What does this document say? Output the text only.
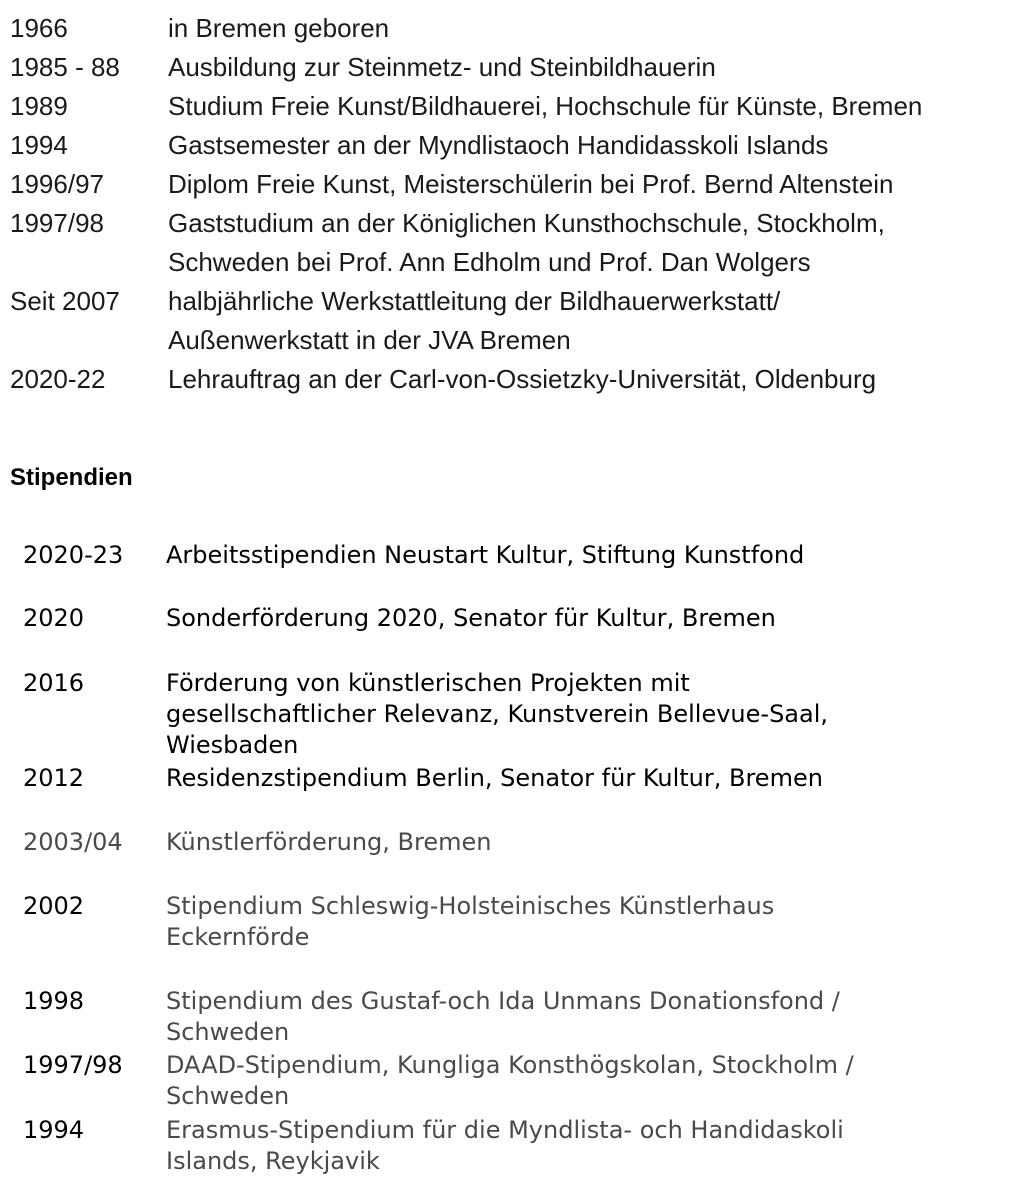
1966	in Bremen geboren
1985 - 88 Ausbildung zur Steinmetz- und Steinbildhauerin
1989	Studium Freie Kunst/Bildhauerei, Hochschule für Künste, Bremen
1994	Gastsemester an der Myndlistaoch Handidasskoli Islands
1996/97 Diplom Freie Kunst, Meisterschülerin bei Prof. Bernd Altenstein
1997/98 Gaststudium an der Königlichen Kunsthochschule, Stockholm,
Schweden bei Prof. Ann Edholm und Prof. Dan Wolgers
Seit 2007 halbjährliche Werkstattleitung der Bildhauerwerkstatt/
Außenwerkstatt in der JVA Bremen
2020-22 Lehrauftrag an der Carl-von-Ossietzky-Universität, Oldenburg
Stipendien
2020-23 Arbeitsstipendien Neustart Kultur, Stiftung Kunstfond
2020	Sonderförderung 2020, Senator für Kultur, Bremen
2016	Förderung von künstlerischen Projekten mit
gesellschaftlicher Relevanz, Kunstverein Bellevue-Saal,
Wiesbaden
2012	Residenzstipendium Berlin, Senator für Kultur, Bremen
2003/04 Künstlerförderung, Bremen
2002	Stipendium Schleswig-Holsteinisches Künstlerhaus
Eckernförde
1998	Stipendium des Gustaf-och Ida Unmans Donationsfond /
Schweden
1997/98 DAAD-Stipendium, Kungliga Konsthögskolan, Stockholm /
Schweden
1994	Erasmus-Stipendium für die Myndlista- och Handidaskoli
Islands, Reykjavik
